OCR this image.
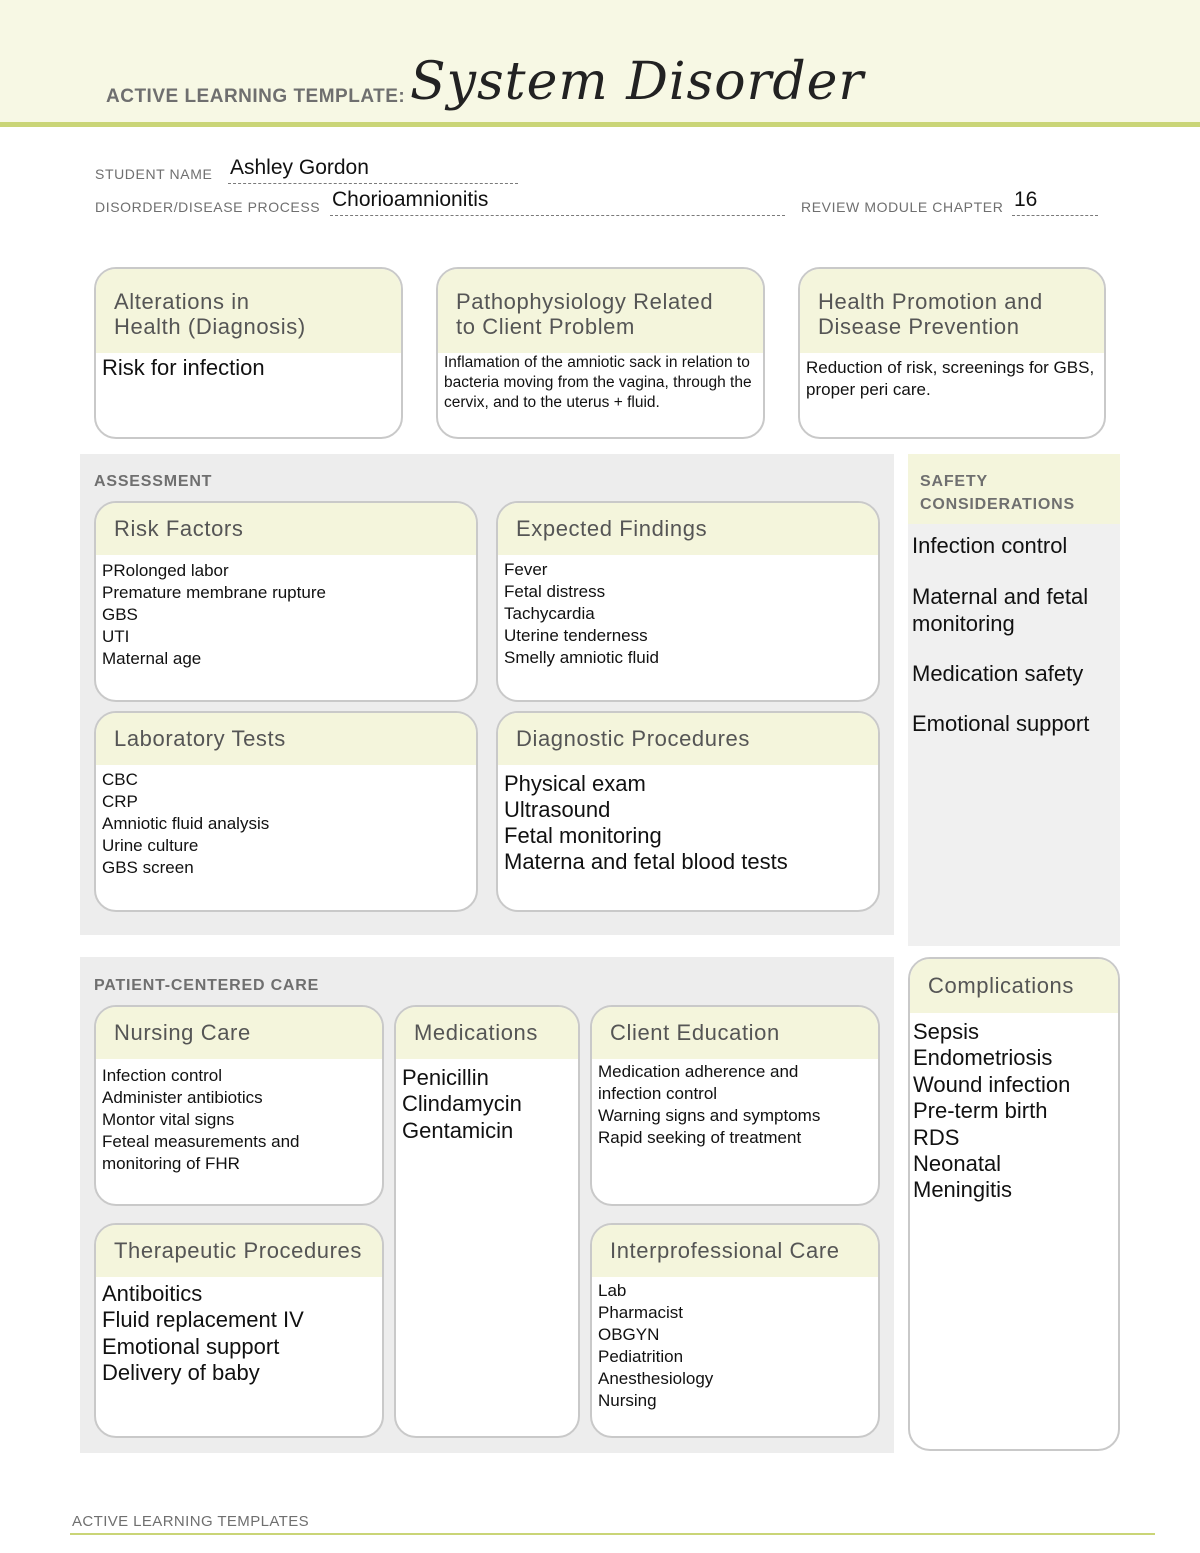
ACTIVE LEARNING TEMPLATE: System Disorder
STUDENT NAME Ashley Gordon
DISORDER/DISEASE PROCESS Chorioamnionitis	REVIEW MODULE CHAPTER 16
Alterations in
Health (Diagnosis)
Risk for infection
Pathophysiology Related
to Client Problem
Inflamation of the amniotic sack in relation to bacteria moving from the vagina, through the cervix, and to the uterus + fluid.
Health Promotion and
Disease Prevention
Reduction of risk, screenings for GBS, proper peri care.
ASSESSMENT
Risk Factors
PRolonged labor
Premature membrane rupture
GBS
UTI
Maternal age
Expected Findings
Fever
Fetal distress
Tachycardia
Uterine tenderness
Smelly amniotic fluid
Laboratory Tests
CBC
CRP
Amniotic fluid analysis
Urine culture
GBS screen
Diagnostic Procedures
Physical exam
Ultrasound
Fetal monitoring
Materna and fetal blood tests
SAFETY
CONSIDERATIONS
Infection control
Maternal and fetal
monitoring
Medication safety
Emotional support
PATIENT-CENTERED CARE
Nursing Care
Infection control
Administer antibiotics
Montor vital signs
Feteal measurements and
monitoring of FHR
Medications
Penicillin
Clindamycin
Gentamicin
Client Education
Medication adherence and
infection control
Warning signs and symptoms
Rapid seeking of treatment
Therapeutic Procedures
Antiboitics
Fluid replacement IV
Emotional support
Delivery of baby
Interprofessional Care
Lab
Pharmacist
OBGYN
Pediatrition
Anesthesiology
Nursing
Complications
Sepsis
Endometriosis
Wound infection
Pre-term birth
RDS
Neonatal
Meningitis
ACTIVE LEARNING TEMPLATES
